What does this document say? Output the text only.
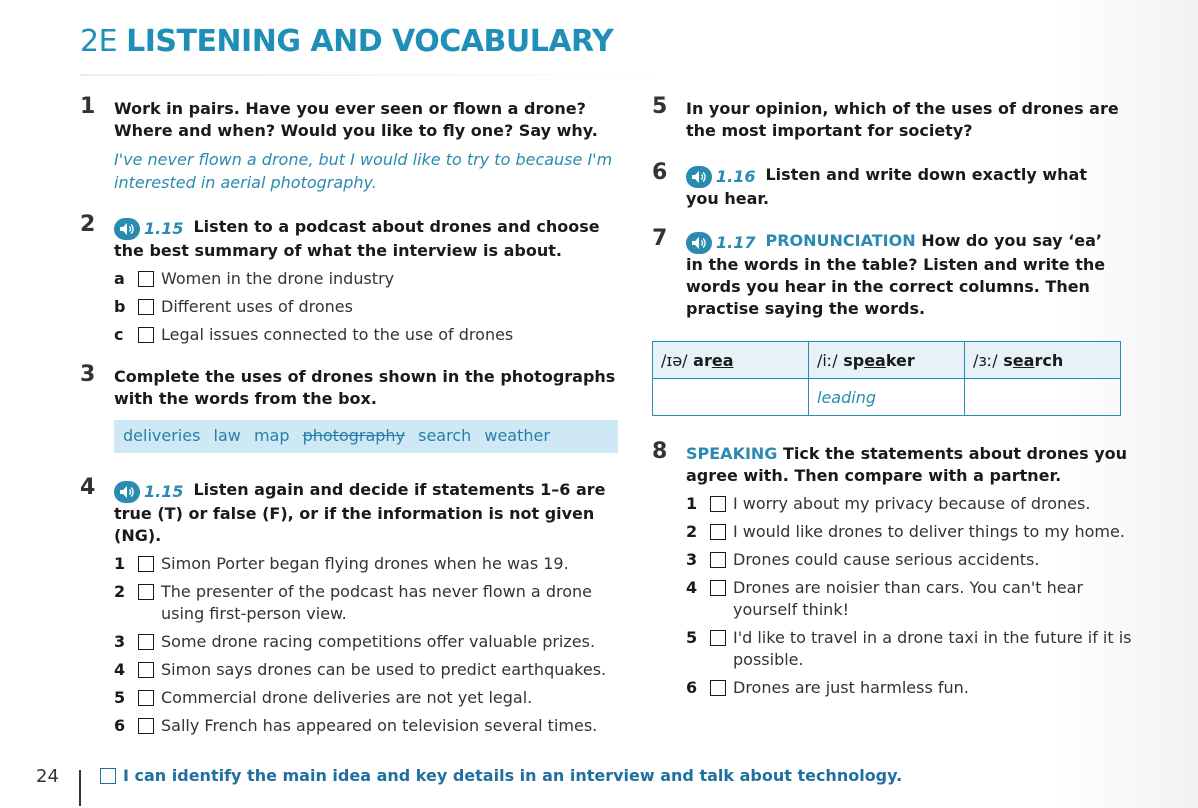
2E LISTENING AND VOCABULARY
1 Work in pairs. Have you ever seen or flown a drone? Where and when? Would you like to fly one? Say why.
I've never flown a drone, but I would like to try to because I'm interested in aerial photography.
2	1.15 Listen to a podcast about drones and choose the best summary of what the interview is about.
a	Women in the drone industry
b	Different uses of drones
c	Legal issues connected to the use of drones
3 Complete the uses of drones shown in the photographs with the words from the box.
deliveries law map photography search weather
4	1.15 Listen again and decide if statements 1–6 are true (T) or false (F), or if the information is not given (NG).
1	Simon Porter began flying drones when he was 19.
2	The presenter of the podcast has never flown a drone using first-person view.
3	Some drone racing competitions offer valuable prizes.
4	Simon says drones can be used to predict earthquakes.
5	Commercial drone deliveries are not yet legal.
6	Sally French has appeared on television several times.
5 In your opinion, which of the uses of drones are the most important for society?
6	1.16 Listen and write down exactly what you hear.
7	1.17 PRONUNCIATION How do you say ‘ea’ in the words in the table? Listen and write the words you hear in the correct columns. Then practise saying the words.
/ɪə/ area	/iː/ speaker	/ɜː/ search
	leading	
8 SPEAKING Tick the statements about drones you agree with. Then compare with a partner.
1	I worry about my privacy because of drones.
2	I would like drones to deliver things to my home.
3	Drones could cause serious accidents.
4	Drones are noisier than cars. You can't hear yourself think!
5	I'd like to travel in a drone taxi in the future if it is possible.
6	Drones are just harmless fun.
24	I can identify the main idea and key details in an interview and talk about technology.
